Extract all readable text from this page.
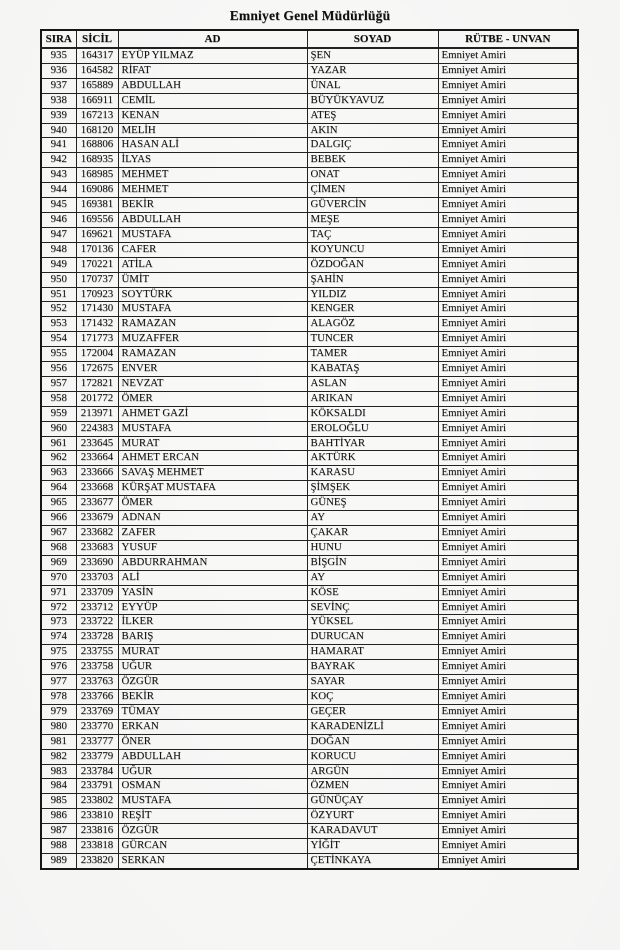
Emniyet Genel Müdürlüğü
SIRA	SİCİL	AD	SOYAD	RÜTBE - UNVAN
935	164317	EYÜP YILMAZ	ŞEN	Emniyet Amiri
936	164582	RİFAT	YAZAR	Emniyet Amiri
937	165889	ABDULLAH	ÜNAL	Emniyet Amiri
938	166911	CEMİL	BÜYÜKYAVUZ	Emniyet Amiri
939	167213	KENAN	ATEŞ	Emniyet Amiri
940	168120	MELİH	AKIN	Emniyet Amiri
941	168806	HASAN ALİ	DALGIÇ	Emniyet Amiri
942	168935	İLYAS	BEBEK	Emniyet Amiri
943	168985	MEHMET	ONAT	Emniyet Amiri
944	169086	MEHMET	ÇİMEN	Emniyet Amiri
945	169381	BEKİR	GÜVERCİN	Emniyet Amiri
946	169556	ABDULLAH	MEŞE	Emniyet Amiri
947	169621	MUSTAFA	TAÇ	Emniyet Amiri
948	170136	CAFER	KOYUNCU	Emniyet Amiri
949	170221	ATİLA	ÖZDOĞAN	Emniyet Amiri
950	170737	ÜMİT	ŞAHİN	Emniyet Amiri
951	170923	SOYTÜRK	YILDIZ	Emniyet Amiri
952	171430	MUSTAFA	KENGER	Emniyet Amiri
953	171432	RAMAZAN	ALAGÖZ	Emniyet Amiri
954	171773	MUZAFFER	TUNCER	Emniyet Amiri
955	172004	RAMAZAN	TAMER	Emniyet Amiri
956	172675	ENVER	KABATAŞ	Emniyet Amiri
957	172821	NEVZAT	ASLAN	Emniyet Amiri
958	201772	ÖMER	ARIKAN	Emniyet Amiri
959	213971	AHMET GAZİ	KÖKSALDI	Emniyet Amiri
960	224383	MUSTAFA	EROLOĞLU	Emniyet Amiri
961	233645	MURAT	BAHTİYAR	Emniyet Amiri
962	233664	AHMET ERCAN	AKTÜRK	Emniyet Amiri
963	233666	SAVAŞ MEHMET	KARASU	Emniyet Amiri
964	233668	KÜRŞAT MUSTAFA	ŞİMŞEK	Emniyet Amiri
965	233677	ÖMER	GÜNEŞ	Emniyet Amiri
966	233679	ADNAN	AY	Emniyet Amiri
967	233682	ZAFER	ÇAKAR	Emniyet Amiri
968	233683	YUSUF	HUNU	Emniyet Amiri
969	233690	ABDURRAHMAN	BİŞGİN	Emniyet Amiri
970	233703	ALİ	AY	Emniyet Amiri
971	233709	YASİN	KÖSE	Emniyet Amiri
972	233712	EYYÜP	SEVİNÇ	Emniyet Amiri
973	233722	İLKER	YÜKSEL	Emniyet Amiri
974	233728	BARIŞ	DURUCAN	Emniyet Amiri
975	233755	MURAT	HAMARAT	Emniyet Amiri
976	233758	UĞUR	BAYRAK	Emniyet Amiri
977	233763	ÖZGÜR	SAYAR	Emniyet Amiri
978	233766	BEKİR	KOÇ	Emniyet Amiri
979	233769	TÜMAY	GEÇER	Emniyet Amiri
980	233770	ERKAN	KARADENİZLİ	Emniyet Amiri
981	233777	ÖNER	DOĞAN	Emniyet Amiri
982	233779	ABDULLAH	KORUCU	Emniyet Amiri
983	233784	UĞUR	ARGÜN	Emniyet Amiri
984	233791	OSMAN	ÖZMEN	Emniyet Amiri
985	233802	MUSTAFA	GÜNÜÇAY	Emniyet Amiri
986	233810	REŞİT	ÖZYURT	Emniyet Amiri
987	233816	ÖZGÜR	KARADAVUT	Emniyet Amiri
988	233818	GÜRCAN	YİĞİT	Emniyet Amiri
989	233820	SERKAN	ÇETİNKAYA	Emniyet Amiri
